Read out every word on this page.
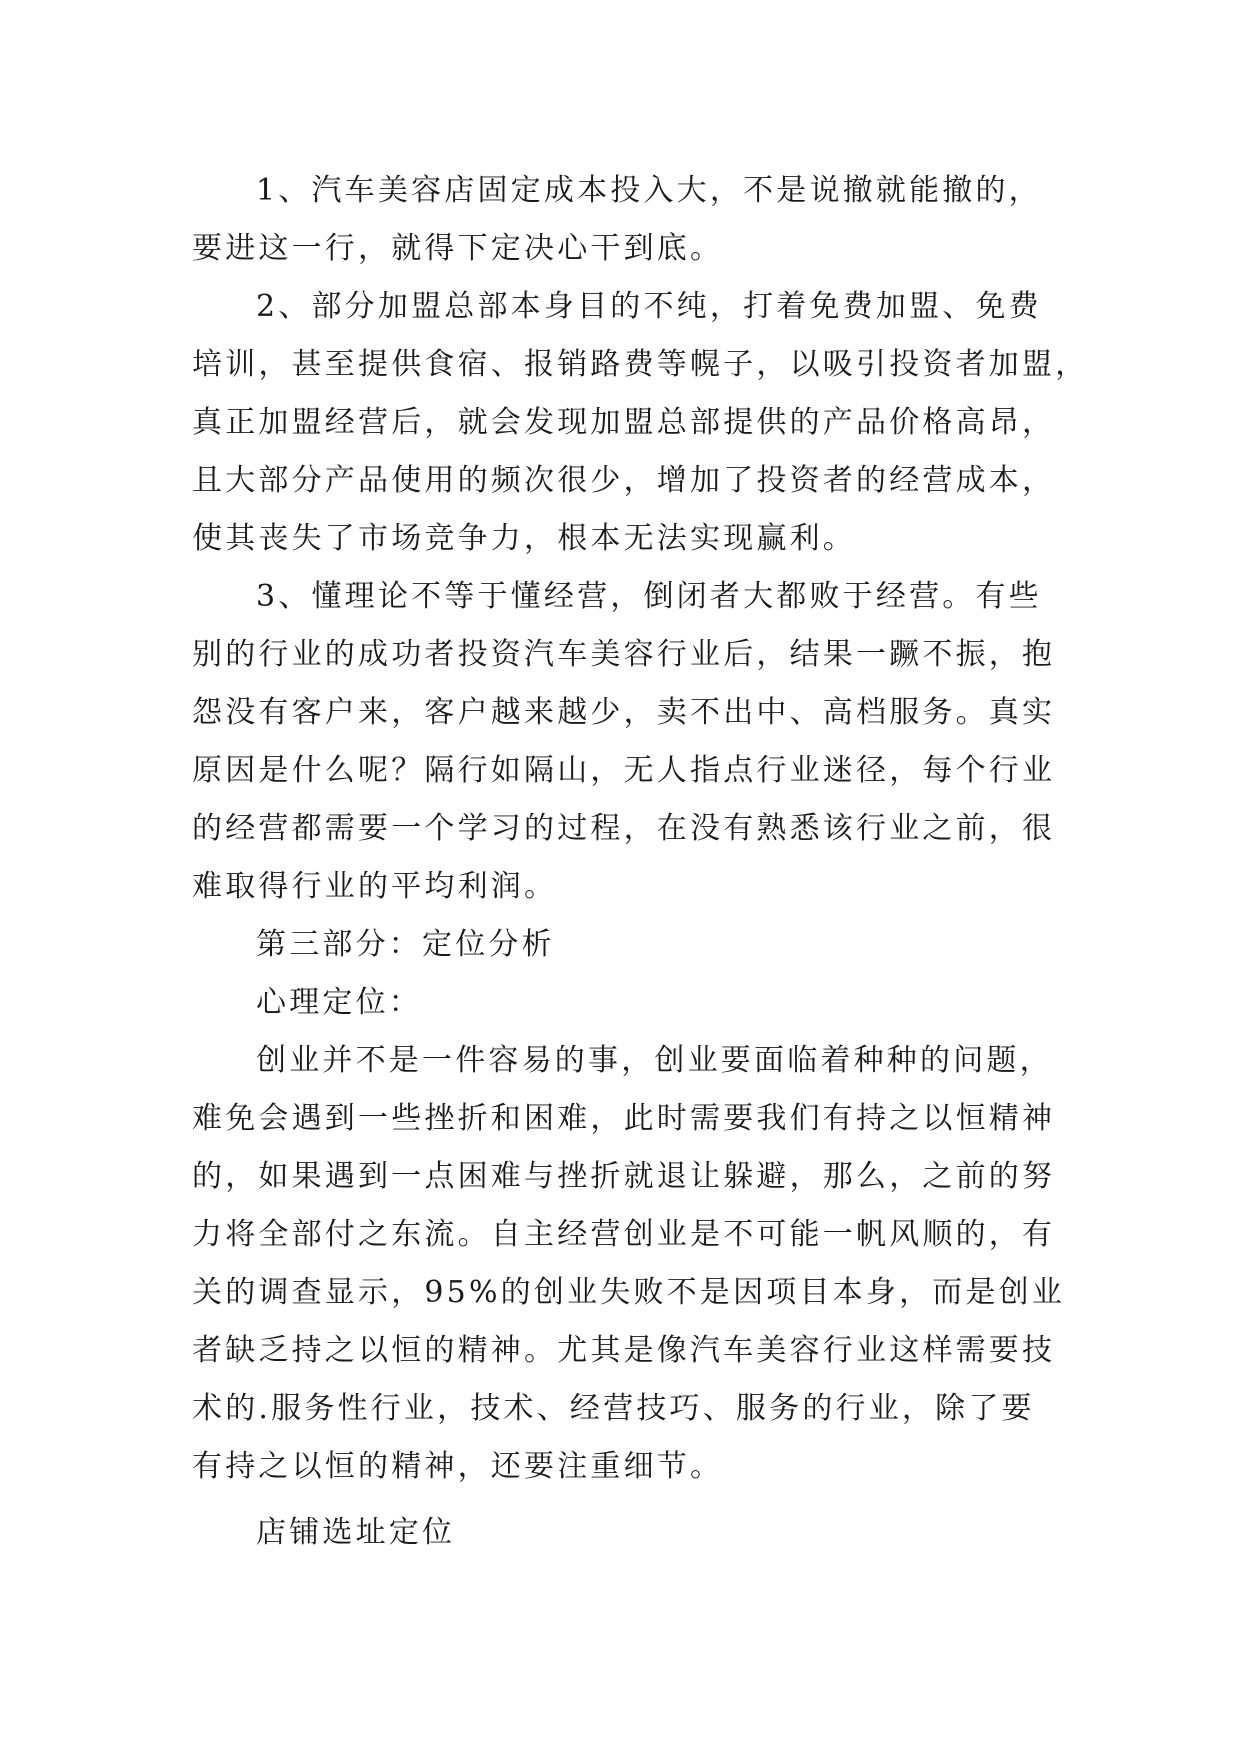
1、汽车美容店固定成本投入大，不是说撤就能撤的，
要进这一行，就得下定决心干到底。
2、部分加盟总部本身目的不纯，打着免费加盟、免费
培训，甚至提供食宿、报销路费等幌子，以吸引投资者加盟，
真正加盟经营后，就会发现加盟总部提供的产品价格高昂，
且大部分产品使用的频次很少，增加了投资者的经营成本，
使其丧失了市场竞争力，根本无法实现赢利。
3、懂理论不等于懂经营，倒闭者大都败于经营。有些
别的行业的成功者投资汽车美容行业后，结果一蹶不振，抱
怨没有客户来，客户越来越少，卖不出中、高档服务。真实
原因是什么呢？隔行如隔山，无人指点行业迷径，每个行业
的经营都需要一个学习的过程，在没有熟悉该行业之前，很
难取得行业的平均利润。
第三部分：定位分析
心理定位：
创业并不是一件容易的事，创业要面临着种种的问题，
难免会遇到一些挫折和困难，此时需要我们有持之以恒精神
的，如果遇到一点困难与挫折就退让躲避，那么，之前的努
力将全部付之东流。自主经营创业是不可能一帆风顺的，有
关的调查显示，95%的创业失败不是因项目本身，而是创业
者缺乏持之以恒的精神。尤其是像汽车美容行业这样需要技
术的.服务性行业，技术、经营技巧、服务的行业，除了要
有持之以恒的精神，还要注重细节。
店铺选址定位
